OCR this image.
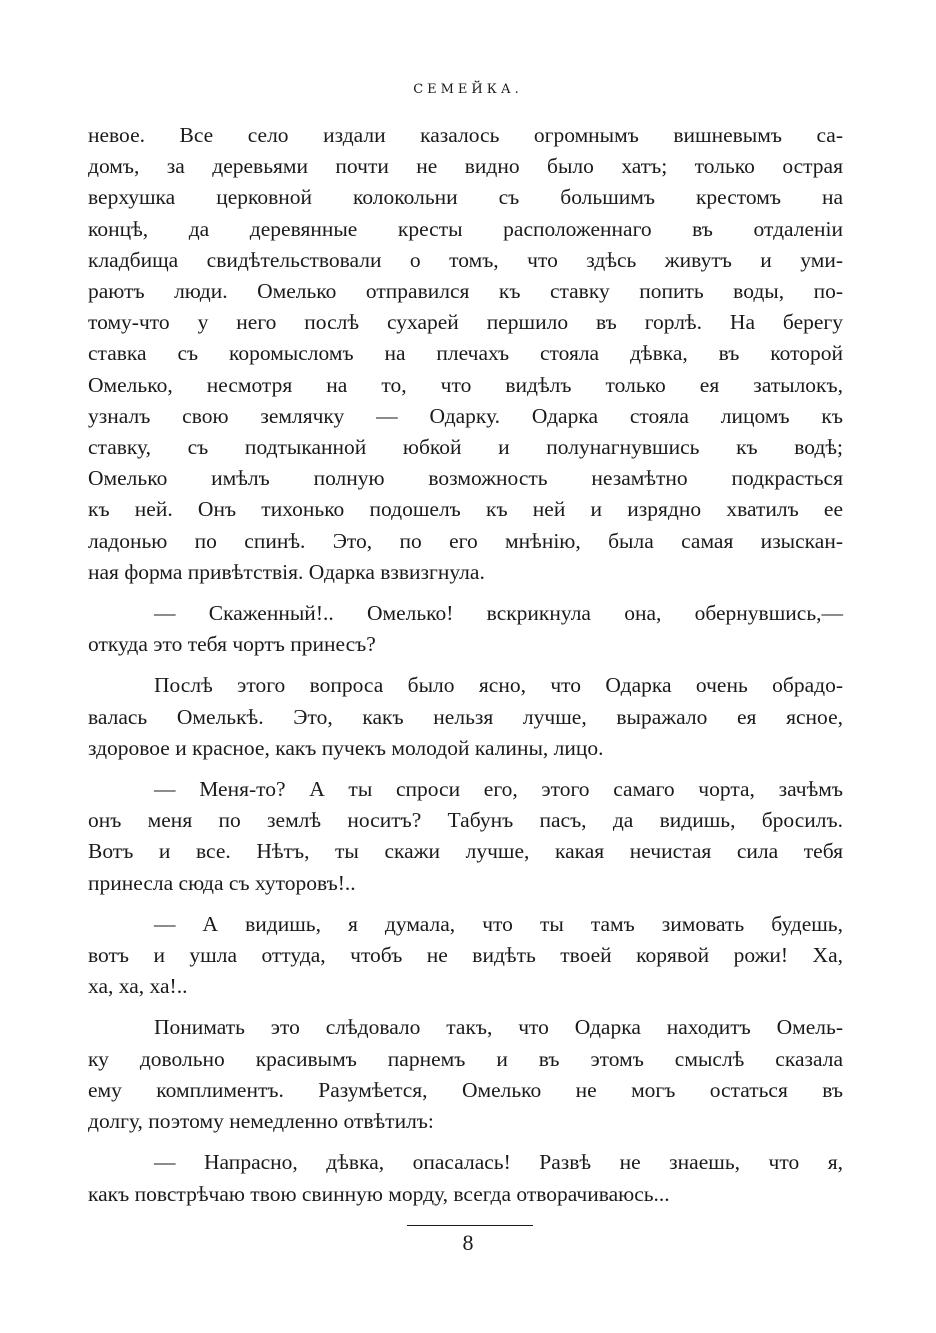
СЕМЕЙКА.
невое. Все село издали казалось огромнымъ вишневымъ са-
домъ, за деревьями почти не видно было хатъ; только острая
верхушка церковной колокольни съ большимъ крестомъ на
концѣ, да деревянные кресты расположеннаго въ отдаленіи
кладбища свидѣтельствовали о томъ, что здѣсь живутъ и уми-
раютъ люди. Омелько отправился къ ставку попить воды, по-
тому-что у него послѣ сухарей першило въ горлѣ. На берегу
ставка съ коромысломъ на плечахъ стояла дѣвка, въ которой
Омелько, несмотря на то, что видѣлъ только ея затылокъ,
узналъ свою землячку — Одарку. Одарка стояла лицомъ къ
ставку, съ подтыканной юбкой и полунагнувшись къ водѣ;
Омелько имѣлъ полную возможность незамѣтно подкрасться
къ ней. Онъ тихонько подошелъ къ ней и изрядно хватилъ ее
ладонью по спинѣ. Это, по его мнѣнію, была самая изыскан-
ная форма привѣтствія. Одарка взвизгнула.
— Скаженный!.. Омелько! вскрикнула она, обернувшись,—
откуда это тебя чортъ принесъ?
Послѣ этого вопроса было ясно, что Одарка очень обрадо-
валась Омелькѣ. Это, какъ нельзя лучше, выражало ея ясное,
здоровое и красное, какъ пучекъ молодой калины, лицо.
— Меня-то? А ты спроси его, этого самаго чорта, зачѣмъ
онъ меня по землѣ носитъ? Табунъ пасъ, да видишь, бросилъ.
Вотъ и все. Нѣтъ, ты скажи лучше, какая нечистая сила тебя
принесла сюда съ хуторовъ!..
— А видишь, я думала, что ты тамъ зимовать будешь,
вотъ и ушла оттуда, чтобъ не видѣть твоей корявой рожи! Ха,
ха, ха, ха!..
Понимать это слѣдовало такъ, что Одарка находитъ Омель-
ку довольно красивымъ парнемъ и въ этомъ смыслѣ сказала
ему комплиментъ. Разумѣется, Омелько не могъ остаться въ
долгу, поэтому немедленно отвѣтилъ:
— Напрасно, дѣвка, опасалась! Развѣ не знаешь, что я,
какъ повстрѣчаю твою свинную морду, всегда отворачиваюсь...
8
